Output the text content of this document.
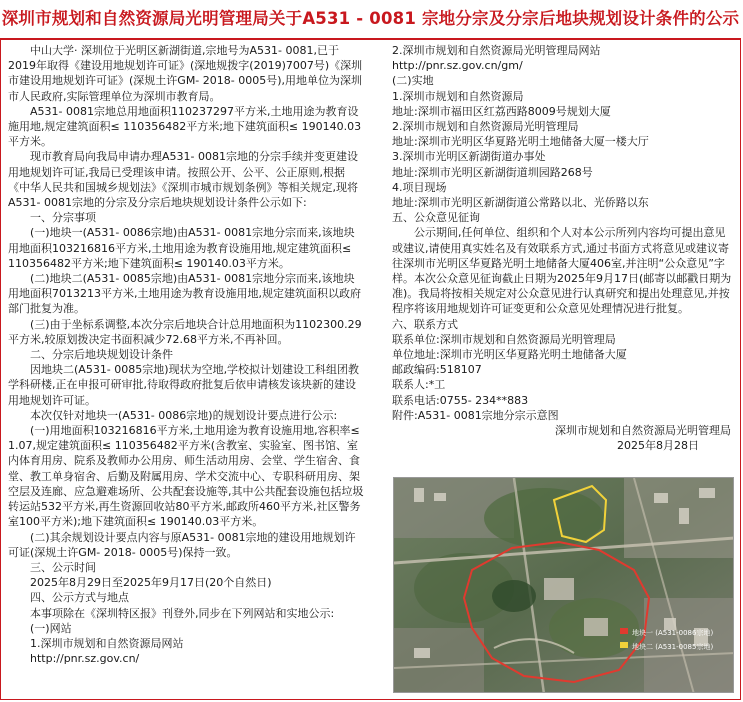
深圳市规划和自然资源局光明管理局关于A531 - 0081 宗地分宗及分宗后地块规划设计条件的公示

中山大学· 深圳位于光明区新湖街道,宗地号为A531- 0081,已于2019年取得《建设用地规划许可证》(深地规拨字(2019)7007号)《深圳市建设用地规划许可证》(深规土许GM- 2018- 0005号),用地单位为深圳市人民政府,实际管理单位为深圳市教育局。

A531- 0081宗地总用地面积110237297平方米,土地用途为教育设施用地,规定建筑面积≤ 110356482平方米;地下建筑面积≤ 190140.03平方米。

现市教育局向我局申请办理A531- 0081宗地的分宗手续并变更建设用地规划许可证,我局已受理该申请。按照公开、公平、公正原则,根据《中华人民共和国城乡规划法》《深圳市城市规划条例》等相关规定,现将A531- 0081宗地的分宗及分宗后地块规划设计条件公示如下:

一、分宗事项

(一)地块一(A531- 0086宗地)由A531- 0081宗地分宗而来,该地块用地面积103216816平方米,土地用途为教育设施用地,规定建筑面积≤ 110356482平方米;地下建筑面积≤ 190140.03平方米。

(二)地块二(A531- 0085宗地)由A531- 0081宗地分宗而来,该地块用地面积7013213平方米,土地用途为教育设施用地,规定建筑面积以政府部门批复为准。

(三)由于坐标系调整,本次分宗后地块合计总用地面积为1102300.29平方米,较原划拨决定书面积减少72.68平方米,不再补回。

二、分宗后地块规划设计条件

因地块二(A531- 0085宗地)现状为空地,学校拟计划建设工科组团教学科研楼,正在申报可研审批,待取得政府批复后依申请核发该块新的建设用地规划许可证。

本次仅针对地块一(A531- 0086宗地)的规划设计要点进行公示:

(一)用地面积103216816平方米,土地用途为教育设施用地,容积率≤ 1.07,规定建筑面积≤ 110356482平方米(含教室、实验室、图书馆、室内体育用房、院系及教师办公用房、师生活动用房、会堂、学生宿舍、食堂、教工单身宿舍、后勤及附属用房、学术交流中心、专职科研用房、架空层及连廊、应急避难场所、公共配套设施等,其中公共配套设施包括垃圾转运站532平方米,再生资源回收站80平方米,邮政所460平方米,社区警务室100平方米);地下建筑面积≤ 190140.03平方米。

(二)其余规划设计要点内容与原A531- 0081宗地的建设用地规划许可证(深规土许GM- 2018- 0005号)保持一致。

三、公示时间

2025年8月29日至2025年9月17日(20个自然日)

四、公示方式与地点

本事项除在《深圳特区报》刊登外,同步在下列网站和实地公示:

(一)网站

1.深圳市规划和自然资源局网站

http://pnr.sz.gov.cn/

2.深圳市规划和自然资源局光明管理局网站

http://pnr.sz.gov.cn/gm/

(二)实地

1.深圳市规划和自然资源局

地址:深圳市福田区红荔西路8009号规划大厦

2.深圳市规划和自然资源局光明管理局

地址:深圳市光明区华夏路光明土地储备大厦一楼大厅

3.深圳市光明区新湖街道办事处

地址:深圳市光明区新湖街道圳园路268号

4.项目现场

地址:深圳市光明区新湖街道公常路以北、光侨路以东

五、公众意见征询

公示期间,任何单位、组织和个人对本公示所列内容均可提出意见或建议,请使用真实姓名及有效联系方式,通过书面方式将意见或建议寄往深圳市光明区华夏路光明土地储备大厦406室,并注明“公众意见”字样。本次公众意见征询截止日期为2025年9月17日(邮寄以邮戳日期为准)。我局将按相关规定对公众意见进行认真研究和提出处理意见,并按程序将该用地规划许可证变更和公众意见处理情况进行批复。

六、联系方式

联系单位:深圳市规划和自然资源局光明管理局

单位地址:深圳市光明区华夏路光明土地储备大厦

邮政编码:518107

联系人:*工

联系电话:0755- 234**883

附件:A531- 0081宗地分宗示意图

深圳市规划和自然资源局光明管理局

2025年8月28日

地块一 (A531-0086宗地)
地块二 (A531-0085宗地)
